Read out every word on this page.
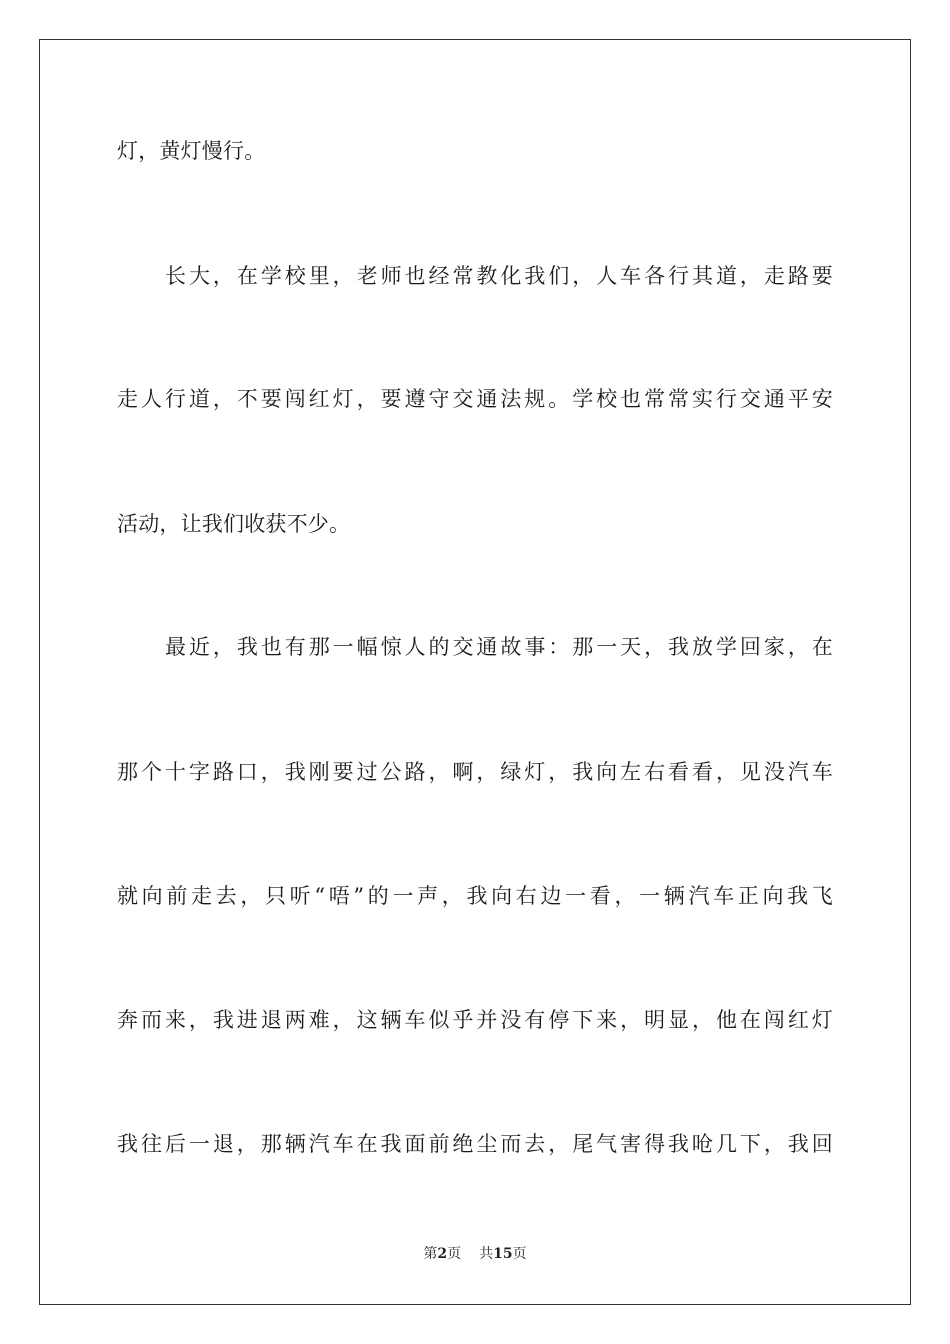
灯，黄灯慢行。
长大，在学校里，老师也经常教化我们，人车各行其道，走路要
走人行道，不要闯红灯，要遵守交通法规。学校也常常实行交通平安
活动，让我们收获不少。
最近，我也有那一幅惊人的交通故事：那一天，我放学回家，在
那个十字路口，我刚要过公路，啊，绿灯，我向左右看看，见没汽车
就向前走去，只听“唔”的一声，我向右边一看，一辆汽车正向我飞
奔而来，我进退两难，这辆车似乎并没有停下来，明显，他在闯红灯
我往后一退，那辆汽车在我面前绝尘而去，尾气害得我呛几下，我回
第2页 共15页
